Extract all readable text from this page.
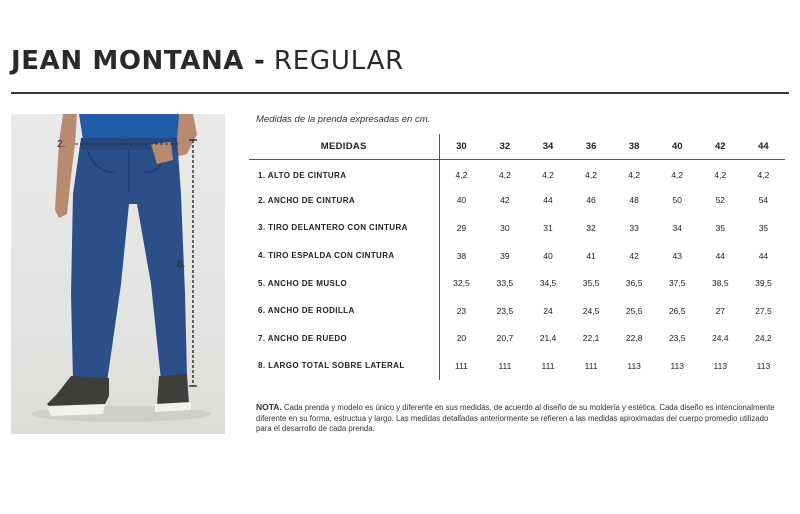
JEAN MONTANA - REGULAR
2.
8.
Medidas de la prenda expresadas en cm.
MEDIDAS	30	32	34	36	38	40	42	44
1. ALTO DE CINTURA	4,2	4,2	4,2	4,2	4,2	4,2	4,2	4,2
2. ANCHO DE CINTURA	40	42	44	46	48	50	52	54
3. TIRO DELANTERO CON CINTURA	29	30	31	32	33	34	35	35
4. TIRO ESPALDA CON CINTURA	38	39	40	41	42	43	44	44
5. ANCHO DE MUSLO	32,5	33,5	34,5	35,5	36,5	37,5	38,5	39,5
6. ANCHO DE RODILLA	23	23,5	24	24,5	25,5	26,5	27	27,5
7. ANCHO DE RUEDO	20	20,7	21,4	22,1	22,8	23,5	24,4	24,2
8. LARGO TOTAL SOBRE LATERAL	111	111	111	111	113	113	113	113
NOTA. Cada prenda y modelo es único y diferente en sus medidas, de acuerdo al diseño de su moldería y estética. Cada diseño es intencionalmente diferente en su forma, estructua y largo. Las medidas detalladas anteriormente se refieren a las medidas aproximadas del cuerpo promedio utilizado para el desarrollo de cada prenda.
